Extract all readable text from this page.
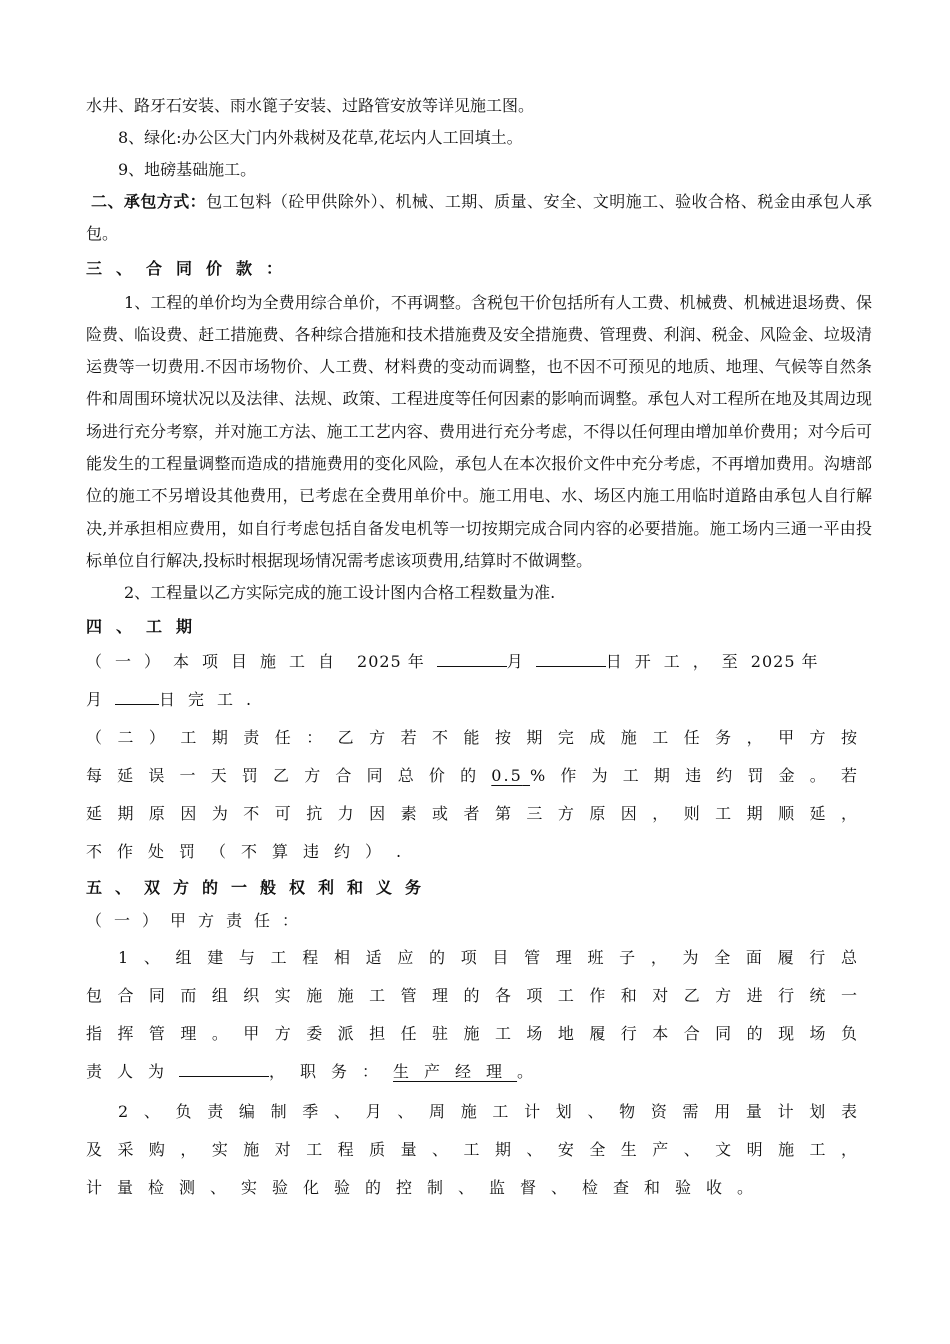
水井、路牙石安装、雨水篦子安装、过路管安放等详见施工图。

8、绿化:办公区大门内外栽树及花草,花坛内人工回填土。

9、地磅基础施工。

二、承包方式：包工包料（砼甲供除外）、机械、工期、质量、安全、文明施工、验收合格、税金由承包人承包。

三、合同价款：

1、工程的单价均为全费用综合单价，不再调整。含税包干价包括所有人工费、机械费、机械进退场费、保险费、临设费、赶工措施费、各种综合措施和技术措施费及安全措施费、管理费、利润、税金、风险金、垃圾清运费等一切费用.不因市场物价、人工费、材料费的变动而调整，也不因不可预见的地质、地理、气候等自然条件和周围环境状况以及法律、法规、政策、工程进度等任何因素的影响而调整。承包人对工程所在地及其周边现场进行充分考察，并对施工方法、施工工艺内容、费用进行充分考虑，不得以任何理由增加单价费用；对今后可能发生的工程量调整而造成的措施费用的变化风险，承包人在本次报价文件中充分考虑，不再增加费用。沟塘部位的施工不另增设其他费用，已考虑在全费用单价中。施工用电、水、场区内施工用临时道路由承包人自行解决,并承担相应费用，如自行考虑包括自备发电机等一切按期完成合同内容的必要措施。施工场内三通一平由投标单位自行解决,投标时根据现场情况需考虑该项费用,结算时不做调整。

2、工程量以乙方实际完成的施工设计图内合格工程数量为准.

四、工期

（一）本项目施工自 2025 年	月	日开工，至2025 年
月	日完工.

（二）工期责任：乙方若不能按期完成施工任务，甲方按每延误一天罚乙方合同总价的0.5 %作为工期违约罚金。若延期原因为不可抗力因素或者第三方原因，则工期顺延，不作处罚（不算违约）.

五、双方的一般权利和义务

（一）甲方责任：

1、组建与工程相适应的项目管理班子，为全面履行总包合同而组织实施施工管理的各项工作和对乙方进行统一指挥管理。甲方委派担任驻施工场地履行本合同的现场负责人为	，职务：生产经理。

2、负责编制季、月、周施工计划、物资需用量计划表及采购，实施对工程质量、工期、安全生产、文明施工，计量检测、实验化验的控制、监督、检查和验收。
